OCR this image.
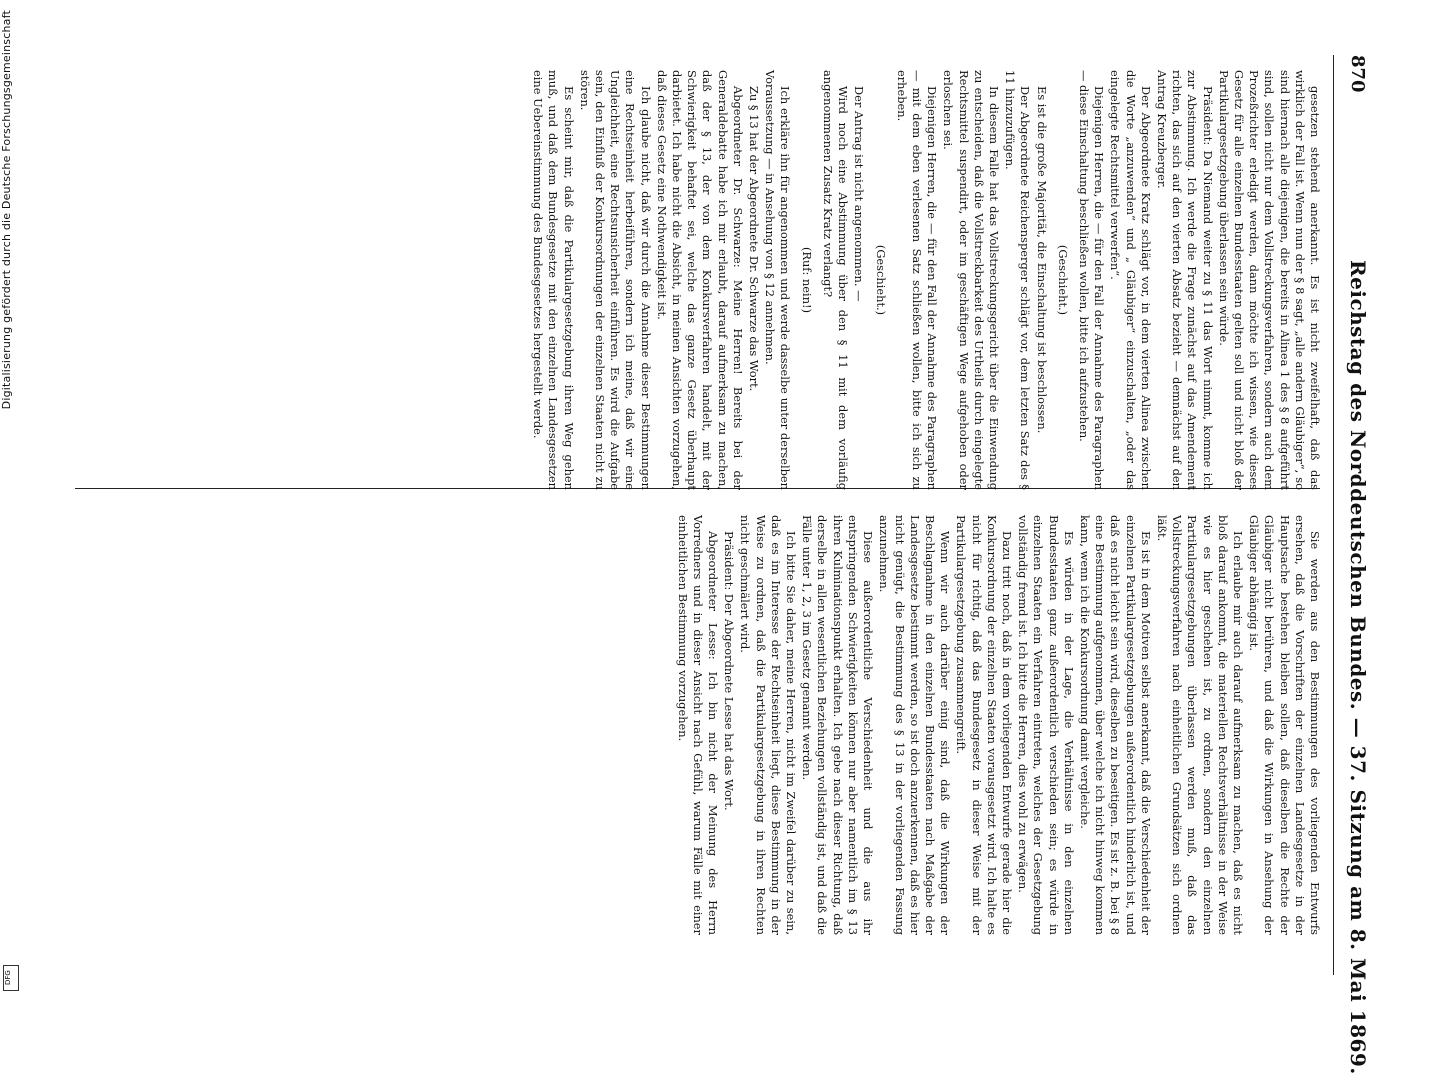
870
Reichstag des Norddeutschen Bundes. — 37. Sitzung am 8. Mai 1869.

gesetzen stehend anerkannt. Es ist nicht zweifelhaft, daß das wirklich der Fall ist. Wenn nun der § 8 sagt, „alle andern Gläubiger“, so sind hiernach alle diejenigen, die bereits in Alinea 1 des § 8 aufgeführt sind, sollen nicht nur dem Vollstreckungsverfahren, sondern auch dem Prozeßrichter erledigt werden, dann möchte ich wissen, wie dieses Gesetz für alle einzelnen Bundesstaaten gelten soll und nicht bloß der Partikulargesetzgebung überlassen sein würde.

Präsident: Da Niemand weiter zu § 11 das Wort nimmt, komme ich zur Abstimmung. Ich werde die Frage zunächst auf das Amendement richten, das sich auf den vierten Absatz bezieht — demnächst auf den Antrag Kreuzberger.

Der Abgeordnete Kratz schlägt vor, in dem vierten Alinea zwischen die Worte „anzuwenden“ und „ Gläubiger“ einzuschalten, „oder das eingelegte Rechtsmittel verwerfen“.

Diejenigen Herren, die — für den Fall der Annahme des Paragraphen — diese Einschaltung beschließen wollen, bitte ich aufzustehen.

(Geschieht.)

Es ist die große Majorität, die Einschaltung ist beschlossen.

Der Abgeordnete Reichensperger schlägt vor, dem letzten Satz des § 11 hinzuzufügen.

In diesem Falle hat das Vollstreckungsgericht über die Einwendung zu entscheiden, daß die Vollstreckbarkeit des Urtheils durch eingelegte Rechtsmittel suspendirt, oder im geschäftigen Wege aufgehoben oder erloschen sei.

Diejenigen Herren, die — für den Fall der Annahme des Paragraphen — mit dem eben verlesenen Satz schließen wollen, bitte ich sich zu erheben.

(Geschieht.)

Der Antrag ist nicht angenommen. —

Wird noch eine Abstimmung über den § 11 mit dem vorläufig angenommenen Zusatz Kratz verlangt?

(Ruf: nein!)

Ich erkläre ihn für angenommen und werde dasselbe unter derselben Voraussetzung — in Ansehung von § 12 annehmen.

Zu § 13 hat der Abgeordnete Dr. Schwarze das Wort.

Abgeordneter Dr. Schwarze: Meine Herren! Bereits bei der Generaldebatte habe ich mir erlaubt, darauf aufmerksam zu machen, daß der § 13, der von dem Konkursverfahren handelt, mit der Schwierigkeit behaftet sei, welche das ganze Gesetz überhaupt darbietet. Ich habe nicht die Absicht, in meinen Ansichten vorzugehen, daß dieses Gesetz eine Nothwendigkeit ist.

Ich glaube nicht, daß wir durch die Annahme dieser Bestimmungen eine Rechtseinheit herbeiführen, sondern ich meine, daß wir eine Ungleichheit, eine Rechtsunsicherheit einführen. Es wird die Aufgabe sein, den Einfluß der Konkursordnungen der einzelnen Staaten nicht zu stören.

Es scheint mir, daß die Partikulargesetzgebung ihren Weg gehen muß, und daß dem Bundesgesetze mit den einzelnen Landesgesetzen eine Uebereinstimmung des Bundesgesetzes hergestellt werde.

Sie werden aus den Bestimmungen des vorliegenden Entwurfs ersehen, daß die Vorschriften der einzelnen Landesgesetze in der Hauptsache bestehen bleiben sollen, daß dieselben die Rechte der Gläubiger nicht berühren, und daß die Wirkungen in Ansehung der Gläubiger abhängig ist.

Ich erlaube mir auch darauf aufmerksam zu machen, daß es nicht bloß darauf ankommt, die materiellen Rechtsverhältnisse in der Weise wie es hier geschehen ist, zu ordnen, sondern den einzelnen Partikulargesetzgebungen überlassen werden muß, daß das Vollstreckungsverfahren nach einheitlichen Grundsätzen sich ordnen läßt.

Es ist in dem Motiven selbst anerkannt, daß die Verschiedenheit der einzelnen Partikulargesetzgebungen außerordentlich hinderlich ist, und daß es nicht leicht sein wird, dieselben zu beseitigen. Es ist z. B. bei § 8 eine Bestimmung aufgenommen, über welche ich nicht hinweg kommen kann, wenn ich die Konkursordnung damit vergleiche.

Es würden in der Lage, die Verhältnisse in den einzelnen Bundesstaaten ganz außerordentlich verschieden sein; es würde in einzelnen Staaten ein Verfahren eintreten, welches der Gesetzgebung vollständig fremd ist. Ich bitte die Herren, dies wohl zu erwägen.

Dazu tritt noch, daß in dem vorliegenden Entwurfe gerade hier die Konkursordnung der einzelnen Staaten vorausgesetzt wird. Ich halte es nicht für richtig, daß das Bundesgesetz in dieser Weise mit der Partikulargesetzgebung zusammengreift.

Wenn wir auch darüber einig sind, daß die Wirkungen der Beschlagnahme in den einzelnen Bundesstaaten nach Maßgabe der Landesgesetze bestimmt werden, so ist doch anzuerkennen, daß es hier nicht genügt, die Bestimmung des § 13 in der vorliegenden Fassung anzunehmen.

Diese außerordentliche Verschiedenheit und die aus ihr entspringenden Schwierigkeiten können nur aber namentlich im § 13 ihren Kulminationspunkt erhalten. Ich gebe nach dieser Richtung, daß derselbe in allen wesentlichen Beziehungen vollständig ist, und daß die Fälle unter 1, 2, 3 im Gesetz genannt werden.

Ich bitte Sie daher, meine Herren, nicht im Zweifel darüber zu sein, daß es im Interesse der Rechtseinheit liegt, diese Bestimmung in der Weise zu ordnen, daß die Partikulargesetzgebung in ihren Rechten nicht geschmälert wird.

Präsident: Der Abgeordnete Lesse hat das Wort.

Abgeordneter Lesse: Ich bin nicht der Meinung des Herrn Vorredners und in dieser Ansicht nach Gefühl, warum Fälle mit einer einheitlichen Bestimmung vorzugehen.

Digitalisierung gefördert durch die Deutsche Forschungsgemeinschaft
DFG
